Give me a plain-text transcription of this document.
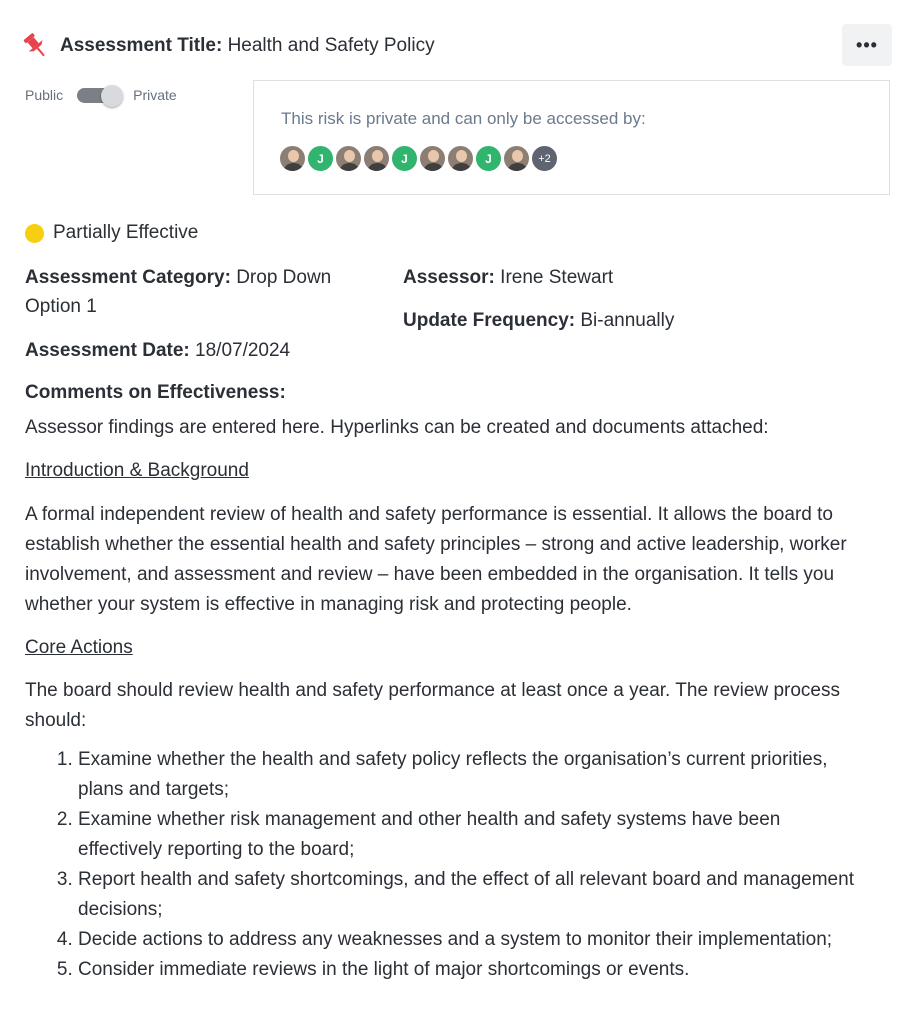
Assessment Title: Health and Safety Policy	•••
Public	Private
This risk is private and can only be accessed by:
J	J	J	+2
Partially Effective
Assessment Category: Drop Down
Option 1
Assessment Date: 18/07/2024
Assessor: Irene Stewart
Update Frequency: Bi-annually
Comments on Effectiveness:
Assessor findings are entered here. Hyperlinks can be created and documents attached:
Introduction & Background
A formal independent review of health and safety performance is essential. It allows the board to
establish whether the essential health and safety principles – strong and active leadership, worker
involvement, and assessment and review – have been embedded in the organisation. It tells you
whether your system is effective in managing risk and protecting people.
Core Actions
The board should review health and safety performance at least once a year. The review process
should:
1. Examine whether the health and safety policy reflects the organisation’s current priorities,
plans and targets;
2. Examine whether risk management and other health and safety systems have been
effectively reporting to the board;
3. Report health and safety shortcomings, and the effect of all relevant board and management
decisions;
4. Decide actions to address any weaknesses and a system to monitor their implementation;
5. Consider immediate reviews in the light of major shortcomings or events.
